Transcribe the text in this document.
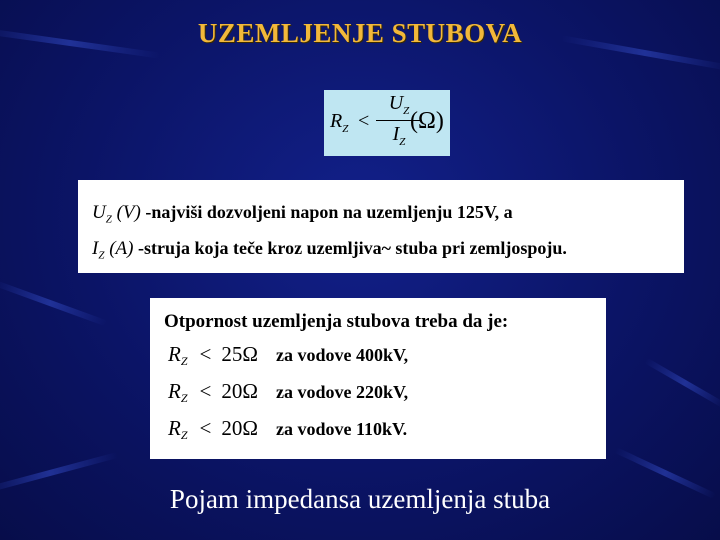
UZEMLJENJE STUBOVA
$R_Z$ <
$U_Z$
$I_Z$
(Ω)
$U_Z$ (V) -najviši dozvoljeni napon na uzemljenju 125V, a
$I_Z$ (A) -struja koja teče kroz uzemljiva~ stuba pri zemljospoju.
Otpornost uzemljenja stubova treba da je:
$R_Z < 25\Omega$ za vodove 400kV,
$R_Z < 20\Omega$ za vodove 220kV,
$R_Z < 20\Omega$ za vodove 110kV.
Pojam impedansa uzemljenja stuba
